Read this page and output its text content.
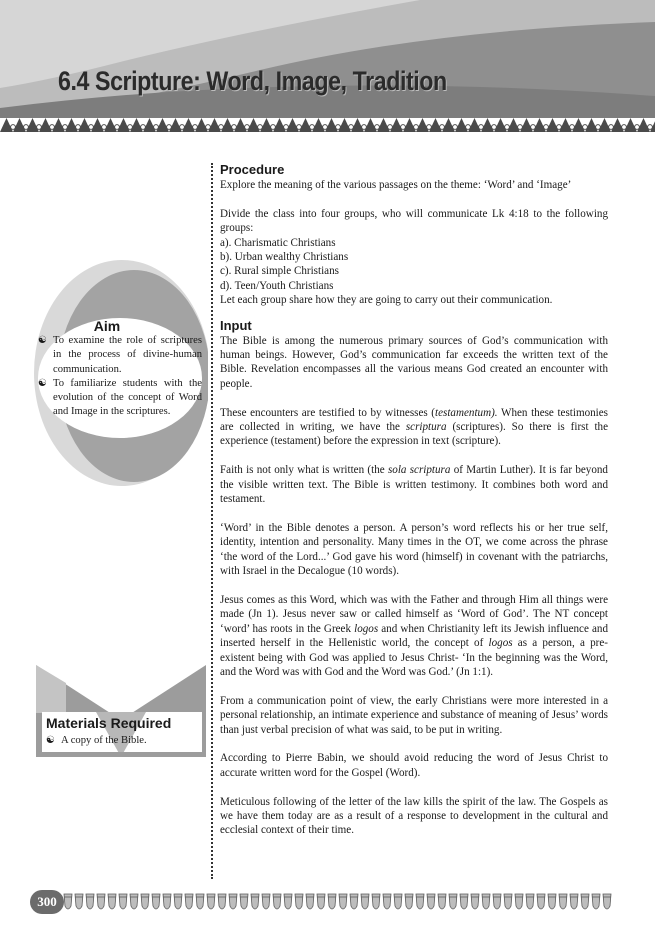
6.4 Scripture: Word, Image, Tradition
Aim
☯ To examine the role of scriptures in the process of divine-human communication.
☯ To familiarize students with the evolution of the concept of Word and Image in the scriptures.
Materials Required
☯ A copy of the Bible.
Procedure

Explore the meaning of the various passages on the theme: ‘Word’ and ‘Image’

Divide the class into four groups, who will communicate Lk 4:18 to the following groups:

a). Charismatic Christians
b). Urban wealthy Christians
c). Rural simple Christians
d). Teen/Youth Christians

Let each group share how they are going to carry out their communication.

Input

The Bible is among the numerous primary sources of God’s communication with human beings. However, God’s communication far exceeds the written text of the Bible. Revelation encompasses all the various means God created an encounter with people.

These encounters are testified to by witnesses (testamentum). When these testimonies are collected in writing, we have the scriptura (scriptures). So there is first the experience (testament) before the expression in text (scripture).

Faith is not only what is written (the sola scriptura of Martin Luther). It is far beyond the visible written text. The Bible is written testimony. It combines both word and testament.

‘Word’ in the Bible denotes a person. A person’s word reflects his or her true self, identity, intention and personality. Many times in the OT, we come across the phrase ‘the word of the Lord...’ God gave his word (himself) in covenant with the patriarchs, with Israel in the Decalogue (10 words).

Jesus comes as this Word, which was with the Father and through Him all things were made (Jn 1). Jesus never saw or called himself as ‘Word of God’. The NT concept ‘word’ has roots in the Greek logos and when Christianity left its Jewish influence and inserted herself in the Hellenistic world, the concept of logos as a person, a pre-existent being with God was applied to Jesus Christ- ‘In the beginning was the Word, and the Word was with God and the Word was God.’ (Jn 1:1).

From a communication point of view, the early Christians were more interested in a personal relationship, an intimate experience and substance of meaning of Jesus’ words than just verbal precision of what was said, to be put in writing.

According to Pierre Babin, we should avoid reducing the word of Jesus Christ to accurate written word for the Gospel (Word).

Meticulous following of the letter of the law kills the spirit of the law. The Gospels as we have them today are as a result of a response to development in the cultural and ecclesial context of their time.

300
